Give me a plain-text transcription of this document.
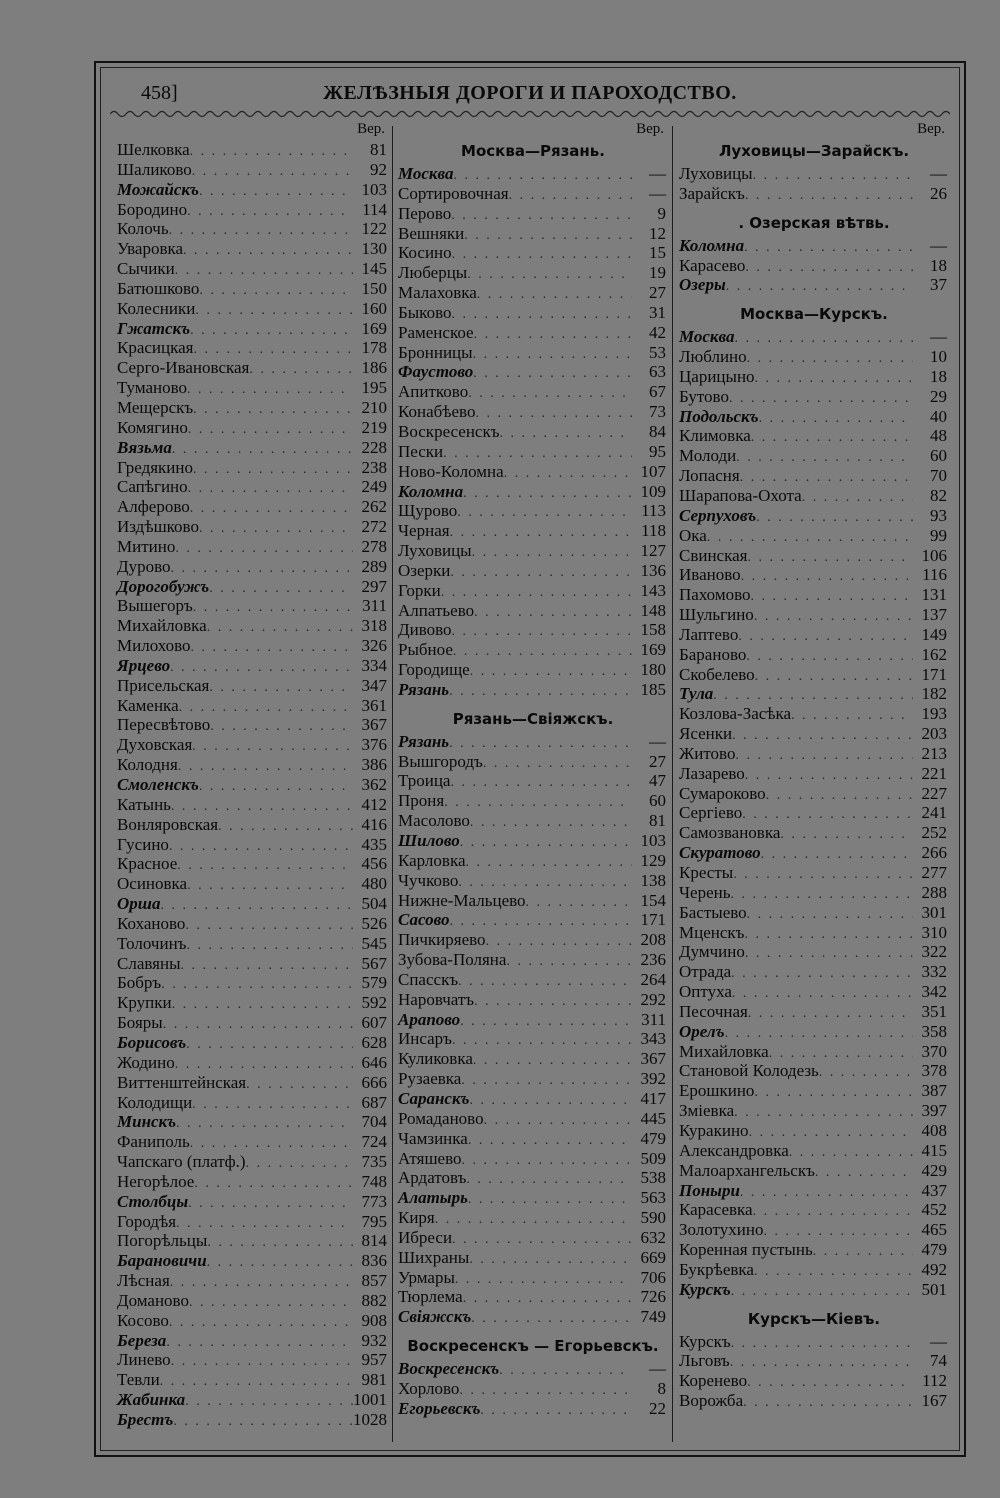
458]	ЖЕЛѢЗНЫЯ ДОРОГИ И ПАРОХОДСТВО.
Вер.
Шелковка . . .	81
Шаликово . . .	92
Можайскъ . . .	103
Бородино . . .	114
Колочь . . .	122
Уваровка . . .	130
Сычики . . .	145
Батюшково . . .	150
Колесники . . .	160
Гжатскъ . . .	169
Красицкая . . .	178
Серго-Ивановская . . .	186
Туманово . . .	195
Мещерскъ . . .	210
Комягино . . .	219
Вязьма . . .	228
Гредякино . . .	238
Сапѣгино . . .	249
Алферово . . .	262
Издѣшково . . .	272
Митино . . .	278
Дурово . . .	289
Дорогобужъ . . .	297
Вышегоръ . . .	311
Михайловка . . .	318
Милохово . . .	326
Ярцево . . .	334
Присельская . . .	347
Каменка . . .	361
Пересвѣтово . . .	367
Духовская . . .	376
Колодня . . .	386
Смоленскъ . . .	362
Катынь . . .	412
Вонляровская . . .	416
Гусино . . .	435
Красное . . .	456
Осиновка . . .	480
Орша . . .	504
Коханово . . .	526
Толочинъ . . .	545
Славяны . . .	567
Бобръ . . .	579
Крупки . . .	592
Бояры . . .	607
Борисовъ . . .	628
Жодино . . .	646
Виттенштейнская . . .	666
Колодищи . . .	687
Минскъ . . .	704
Фаниполь . . .	724
Чапскаго (платф.) . . .	735
Негорѣлое . . .	748
Столбцы . . .	773
Городѣя . . .	795
Погорѣльцы . . .	814
Барановичи . . .	836
Лѣсная . . .	857
Доманово . . .	882
Косово . . .	908
Береза . . .	932
Линево . . .	957
Тевли . . .	981
Жабинка . . .	1001
Брестъ . . .	1028
Вер.
Москва—Рязань.
Москва . . .	—
Сортировочная . . .	—
Перово . . .	9
Вешняки . . .	12
Косино . . .	15
Люберцы . . .	19
Малаховка . . .	27
Быково . . .	31
Раменское . . .	42
Бронницы . . .	53
Фаустово . . .	63
Апитково . . .	67
Конабѣево . . .	73
Воскресенскъ . . .	84
Пески . . .	95
Ново-Коломна . . .	107
Коломна . . .	109
Щурово . . .	113
Черная . . .	118
Луховицы . . .	127
Озерки . . .	136
Горки . . .	143
Алпатьево . . .	148
Дивово . . .	158
Рыбное . . .	169
Городище . . .	180
Рязань . . .	185
Рязань—Свіяжскъ.
Рязань . . .	—
Вышгородъ . . .	27
Троица . . .	47
Проня . . .	60
Масолово . . .	81
Шилово . . .	103
Карловка . . .	129
Чучково . . .	138
Нижне-Мальцево . . .	154
Сасово . . .	171
Пичкиряево . . .	208
Зубова-Поляна . . .	236
Спасскъ . . .	264
Наровчатъ . . .	292
Арапово . . .	311
Инсаръ . . .	343
Куликовка . . .	367
Рузаевка . . .	392
Саранскъ . . .	417
Ромаданово . . .	445
Чамзинка . . .	479
Атяшево . . .	509
Ардатовъ . . .	538
Алатырь . . .	563
Киря . . .	590
Ибреси . . .	632
Шихраны . . .	669
Урмары . . .	706
Тюрлема . . .	726
Свіяжскъ . . .	749
Воскресенскъ — Егорьевскъ.
Воскресенскъ . . .	—
Хорлово . . .	8
Егорьевскъ . . .	22
Вер.
Луховицы—Зарайскъ.
Луховицы . . .	—
Зарайскъ . . .	26
. Озерская вѣтвь.
Коломна . . .	—
Карасево . . .	18
Озеры . . .	37
Москва—Курскъ.
Москва . . .	—
Люблино . . .	10
Царицыно . . .	18
Бутово . . .	29
Подольскъ . . .	40
Климовка . . .	48
Молоди . . .	60
Лопасня . . .	70
Шарапова-Охота . . .	82
Серпуховъ . . .	93
Ока . . .	99
Свинская . . .	106
Иваново . . .	116
Пахомово . . .	131
Шульгино . . .	137
Лаптево . . .	149
Бараново . . .	162
Скобелево . . .	171
Тула . . .	182
Козлова-Засѣка . . .	193
Ясенки . . .	203
Житово . . .	213
Лазарево . . .	221
Сумароково . . .	227
Сергіево . . .	241
Самозвановка . . .	252
Скуратово . . .	266
Кресты . . .	277
Черень . . .	288
Бастыево . . .	301
Мценскъ . . .	310
Думчино . . .	322
Отрада . . .	332
Оптуха . . .	342
Песочная . . .	351
Орелъ . . .	358
Михайловка . . .	370
Становой Колодезь . . .	378
Ерошкино . . .	387
Змiевка . . .	397
Куракино . . .	408
Александровка . . .	415
Малоархангельскъ . . .	429
Поныри . . .	437
Карасевка . . .	452
Золотухино . . .	465
Коренная пустынь . . .	479
Букрѣевка . . .	492
Курскъ . . .	501
Курскъ—Кіевъ.
Курскъ . . .	—
Льговъ . . .	74
Коренево . . .	112
Ворожба . . .	167
